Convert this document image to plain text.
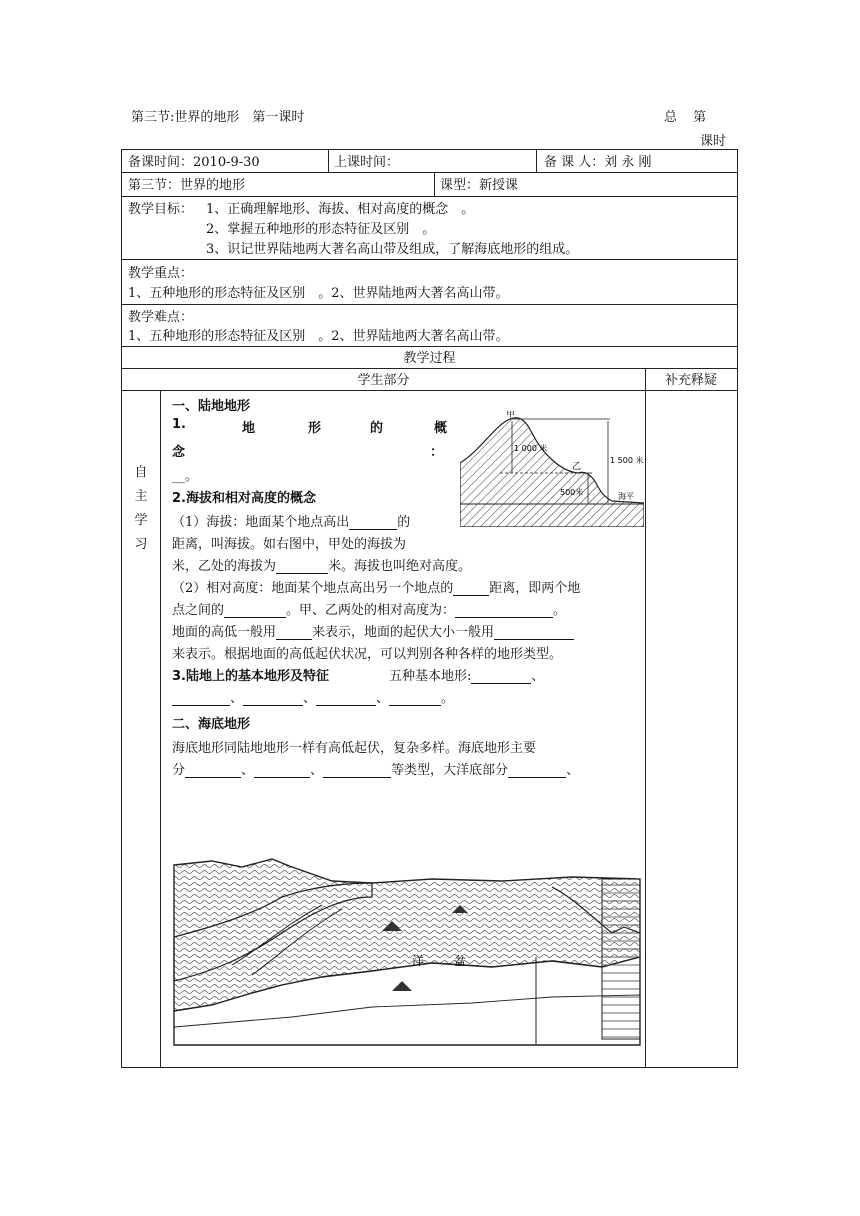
第三节:世界的地形　第一课时	总 第
课时
备课时间：2010-9-30	上课时间：	备 课 人：刘 永 刚
第三节：世界的地形	课型：新授课
教学目标： 1、正确理解地形、海拔、相对高度的概念　。
2、掌握五种地形的形态特征及区别　。
3、识记世界陆地两大著名高山带及组成，了解海底地形的组成。
教学重点：
1、五种地形的形态特征及区别　。2、世界陆地两大著名高山带。
教学难点：
1、五种地形的形态特征及区别　。2、世界陆地两大著名高山带。
教学过程
学生部分	补充释疑
自
主
学
习
一、陆地地形
1.	地	形	的	概
念	：
__。
2.海拔和相对高度的概念
（1）海拔：地面某个地点高出	的
距离，叫海拔。如右图中，甲处的海拔为
米，乙处的海拔为	米。海拔也叫绝对高度。
（2）相对高度：地面某个地点高出另一个地点的	距离，即两个地
点之间的	。甲、乙两处的相对高度为：	。
地面的高低一般用	来表示，地面的起伏大小一般用
来表示。根据地面的高低起伏状况，可以判别各种各样的地形类型。
3.陆地上的基本地形及特征	五种基本地形:	、
、	、	、	。
二、海底地形
海底地形同陆地地形一样有高低起伏，复杂多样。海底地形主要
分	、	、	等类型，大洋底部分	、
甲
1 000 米
1 500 米
乙
500米	海平
洋 盆
